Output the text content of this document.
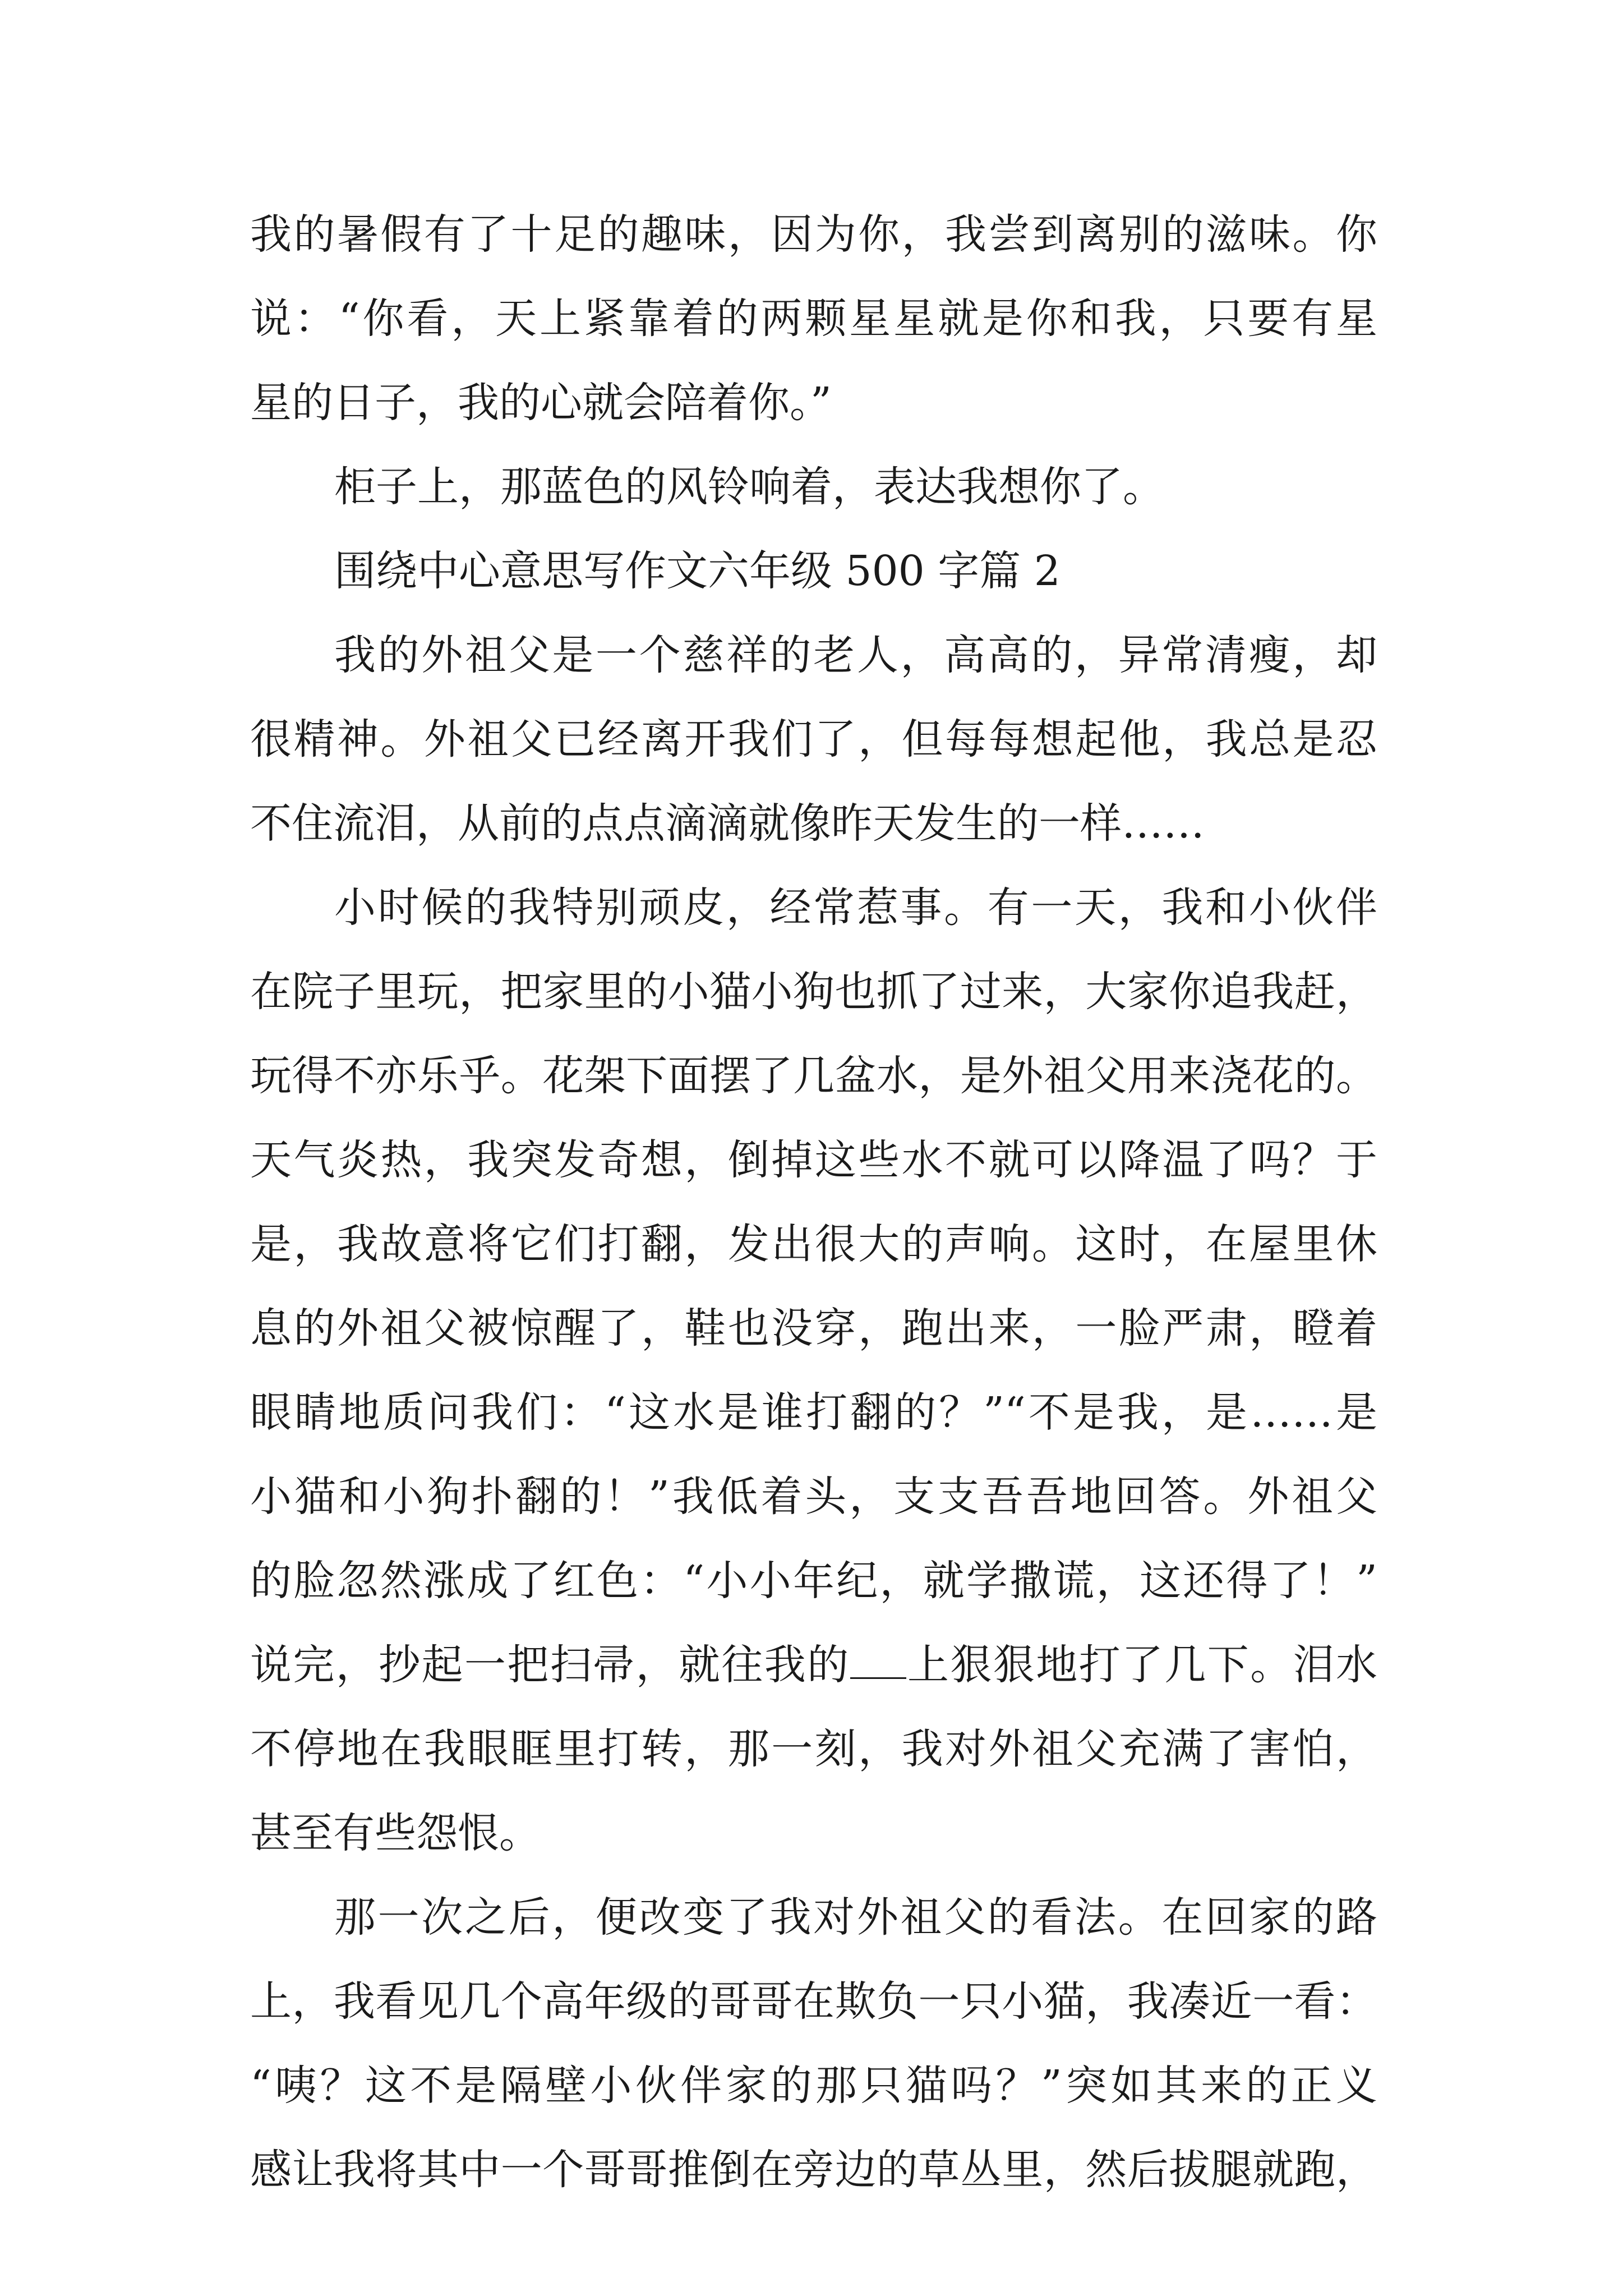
我的暑假有了十足的趣味，因为你，我尝到离别的滋味。你
说：“你看，天上紧靠着的两颗星星就是你和我，只要有星
星的日子，我的心就会陪着你。”
柜子上，那蓝色的风铃响着，表达我想你了。
围绕中心意思写作文六年级 500 字篇 2
我的外祖父是一个慈祥的老人，高高的，异常清瘦，却
很精神。外祖父已经离开我们了，但每每想起他，我总是忍
不住流泪，从前的点点滴滴就像昨天发生的一样……
小时候的我特别顽皮，经常惹事。有一天，我和小伙伴
在院子里玩，把家里的小猫小狗也抓了过来，大家你追我赶，
玩得不亦乐乎。花架下面摆了几盆水，是外祖父用来浇花的。
天气炎热，我突发奇想，倒掉这些水不就可以降温了吗？于
是，我故意将它们打翻，发出很大的声响。这时，在屋里休
息的外祖父被惊醒了，鞋也没穿，跑出来，一脸严肃，瞪着
眼睛地质问我们：“这水是谁打翻的？”“不是我，是……是
小猫和小狗扑翻的！”我低着头，支支吾吾地回答。外祖父
的脸忽然涨成了红色：“小小年纪，就学撒谎，这还得了！”
说完，抄起一把扫帚，就往我的 上狠狠地打了几下。泪水
不停地在我眼眶里打转，那一刻，我对外祖父充满了害怕，
甚至有些怨恨。
那一次之后，便改变了我对外祖父的看法。在回家的路
上，我看见几个高年级的哥哥在欺负一只小猫，我凑近一看：
“咦？这不是隔壁小伙伴家的那只猫吗？”突如其来的正义
感让我将其中一个哥哥推倒在旁边的草丛里，然后拔腿就跑，
